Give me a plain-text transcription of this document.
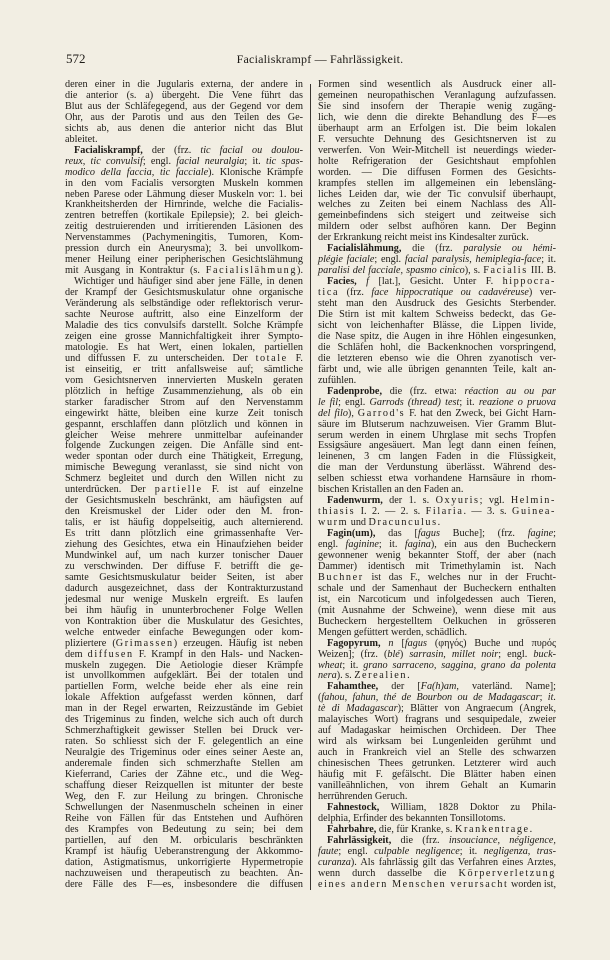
572	Facialiskrampf — Fahrlässigkeit.
deren einer in die Jugularis externa, der andere in
die anterior (s. a) übergeht. Die Vene führt das
Blut aus der Schläfegegend, aus der Gegend vor dem
Ohr, aus der Parotis und aus den Teilen des Ge-
sichts ab, aus denen die anterior nicht das Blut
ableitet.
Facialiskrampf, der (frz. tic facial ou doulou-
reux, tic convulsif; engl. facial neuralgia; it. tic spas-
modico della faccia, tic facciale). Klonische Krämpfe
in den vom Facialis versorgten Muskeln kommen
neben Parese oder Lähmung dieser Muskeln vor: 1. bei
Krankheitsherden der Hirnrinde, welche die Facialis-
zentren betreffen (kortikale Epilepsie); 2. bei gleich-
zeitig destruierenden und irritierenden Läsionen des
Nervenstammes (Pachymeningitis, Tumoren, Kom-
pression durch ein Aneurysma); 3. bei unvollkom-
mener Heilung einer peripherischen Gesichtslähmung
mit Ausgang in Kontraktur (s. Facialislähmung).
Wichtiger und häufiger sind aber jene Fälle, in denen
der Krampf der Gesichtsmuskulatur ohne organische
Veränderung als selbständige oder reflektorisch verur-
sachte Neurose auftritt, also eine Einzelform der
Maladie des tics convulsifs darstellt. Solche Krämpfe
zeigen eine grosse Mannichfaltigkeit ihrer Sympto-
matologie. Es hat Wert, einen lokalen, partiellen
und diffussen F. zu unterscheiden. Der totale F.
ist einseitig, er tritt anfallsweise auf; sämtliche
vom Gesichtsnerven innervierten Muskeln geraten
plötzlich in heftige Zusammenziehung, als ob ein
starker faradischer Strom auf den Nervenstamm
eingewirkt hätte, bleiben eine kurze Zeit tonisch
gespannt, erschlaffen dann plötzlich und können in
gleicher Weise mehrere unmittelbar aufeinander
folgende Zuckungen zeigen. Die Anfälle sind ent-
weder spontan oder durch eine Thätigkeit, Erregung,
mimische Bewegung veranlasst, sie sind nicht von
Schmerz begleitet und durch den Willen nicht zu
unterdrücken. Der partielle F. ist auf einzelne
der Gesichtsmuskeln beschränkt, am häufigsten auf
den Kreismuskel der Lider oder den M. fron-
talis, er ist häufig doppelseitig, auch alternierend.
Es tritt dann plötzlich eine grimassenhafte Ver-
ziehung des Gesichtes, etwa ein Hinaufziehen beider
Mundwinkel auf, um nach kurzer tonischer Dauer
zu verschwinden. Der diffuse F. betrifft die ge-
samte Gesichtsmuskulatur beider Seiten, ist aber
dadurch ausgezeichnet, dass der Kontrakturzustand
jedesmal nur wenige Muskeln ergreift. Es laufen
bei ihm häufig in ununterbrochener Folge Wellen
von Kontraktion über die Muskulatur des Gesichtes,
welche entweder einfache Bewegungen oder kom-
pliziertere (Grimassen) erzeugen. Häufig ist neben
dem diffusen F. Krampf in den Hals- und Nacken-
muskeln zugegen. Die Aetiologie dieser Krämpfe
ist unvollkommen aufgeklärt. Bei der totalen und
partiellen Form, welche beide eher als eine rein
lokale Affektion aufgefasst werden können, darf
man in der Regel erwarten, Reizzustände im Gebiet
des Trigeminus zu finden, welche sich auch oft durch
Schmerzhaftigkeit gewisser Stellen bei Druck ver-
raten. So schliesst sich der F. gelegentlich an eine
Neuralgie des Trigeminus oder eines seiner Aeste an,
anderemale finden sich schmerzhafte Stellen am
Kieferrand, Caries der Zähne etc., und die Weg-
schaffung dieser Reizquellen ist mitunter der beste
Weg, den F. zur Heilung zu bringen. Chronische
Schwellungen der Nasenmuscheln scheinen in einer
Reihe von Fällen für das Entstehen und Aufhören
des Krampfes von Bedeutung zu sein; bei dem
partiellen, auf den M. orbicularis beschränkten
Krampf ist häufig Ueberanstrengung der Akkommo-
dation, Astigmatismus, unkorrigierte Hypermetropie
nachzuweisen und therapeutisch zu beachten. An-
dere Fälle des F—es, insbesondere die diffusen
Formen sind wesentlich als Ausdruck einer all-
gemeinen neuropathischen Veranlagung aufzufassen.
Sie sind insofern der Therapie wenig zugäng-
lich, wie denn die direkte Behandlung des F—es
überhaupt arm an Erfolgen ist. Die beim lokalen
F. versuchte Dehnung des Gesichtsnerven ist zu
verwerfen. Von Weir-Mitchell ist neuerdings wieder-
holte Refrigeration der Gesichtshaut empfohlen
worden. — Die diffusen Formen des Gesichts-
krampfes stellen im allgemeinen ein lebensläng-
liches Leiden dar, wie der Tic convulsif überhaupt,
welches zu Zeiten bei einem Nachlass des All-
gemeinbefindens sich steigert und zeitweise sich
mildern oder selbst aufhören kann. Der Beginn
der Erkrankung reicht meist ins Kindesalter zurück.
Facialislähmung, die (frz. paralysie ou hémi-
plégie faciale; engl. facial paralysis, hemiplegia-face; it.
paralisi del facciale, spasmo cinico), s. Facialis III. B.
Facies, f [lat.], Gesicht. Unter F. hippocra-
tica (frz. face hippocratique ou cadavéreuse) ver-
steht man den Ausdruck des Gesichts Sterbender.
Die Stirn ist mit kaltem Schweiss bedeckt, das Ge-
sicht von leichenhafter Blässe, die Lippen livide,
die Nase spitz, die Augen in ihre Höhlen eingesunken,
die Schläfen hohl, die Backenknochen vorspringend,
die letzteren ebenso wie die Ohren zyanotisch ver-
färbt und, wie alle übrigen genannten Teile, kalt an-
zufühlen.
Fadenprobe, die (frz. etwa: réaction au ou par
le fil; engl. Garrods (thread) test; it. reazione o pruova
del filo), Garrod's F. hat den Zweck, bei Gicht Harn-
säure im Blutserum nachzuweisen. Vier Gramm Blut-
serum werden in einem Uhrglase mit sechs Tropfen
Essigsäure angesäuert. Man legt dann einen feinen,
leinenen, 3 cm langen Faden in die Flüssigkeit,
die man der Verdunstung überlässt. Während des-
selben schiesst etwa vorhandene Harnsäure in rhom-
bischen Kristallen an den Faden an.
Fadenwurm, der 1. s. Oxyuris; vgl. Helmin-
thiasis I. 2. — 2. s. Filaria. — 3. s. Guinea-
wurm und Dracunculus.
Fagin(um), das [fagus Buche]; (frz. fagine;
engl. faginine; it. fagina), ein aus den Bucheckern
gewonnener wenig bekannter Stoff, der aber (nach
Dammer) identisch mit Trimethylamin ist. Nach
Buchner ist das F., welches nur in der Frucht-
schale und der Samenhaut der Bucheckern enthalten
ist, ein Narcoticum und infolgedessen auch Tieren,
(mit Ausnahme der Schweine), wenn diese mit aus
Bucheckern hergestelltem Oelkuchen in grösseren
Mengen gefüttert werden, schädlich.
Fagopyrum, n [fagus (φηγός) Buche und πυρός
Weizen]; (frz. (blé) sarrasin, millet noir; engl. buck-
wheat; it. grano sarraceno, saggina, grano da polenta
nera). s. Zerealien.
Fahamthee, der [Fa(h)am, vaterländ. Name];
(fahou, fahun, thé de Bourbon ou de Madagascar; it.
tè di Madagascar); Blätter von Angraecum (Angrek,
malayisches Wort) fragrans und sesquipedale, zweier
auf Madagaskar heimischen Orchideen. Der Thee
wird als wirksam bei Lungenleiden gerühmt und
auch in Frankreich viel an Stelle des schwarzen
chinesischen Thees getrunken. Letzterer wird auch
häufig mit F. gefälscht. Die Blätter haben einen
vanilleähnlichen, von ihrem Gehalt an Kumarin
herrührenden Geruch.
Fahnestock, William, 1828 Doktor zu Phila-
delphia, Erfinder des bekannten Tonsillotoms.
Fahrbahre, die, für Kranke, s. Krankentrage.
Fahrlässigkeit, die (frz. insouciance, négligence,
faute; engl. culpable negligence; it. negligenza, tras-
curanza). Als fahrlässig gilt das Verfahren eines Arztes,
wenn durch dasselbe die Körperverletzung
eines andern Menschen verursacht worden ist,
